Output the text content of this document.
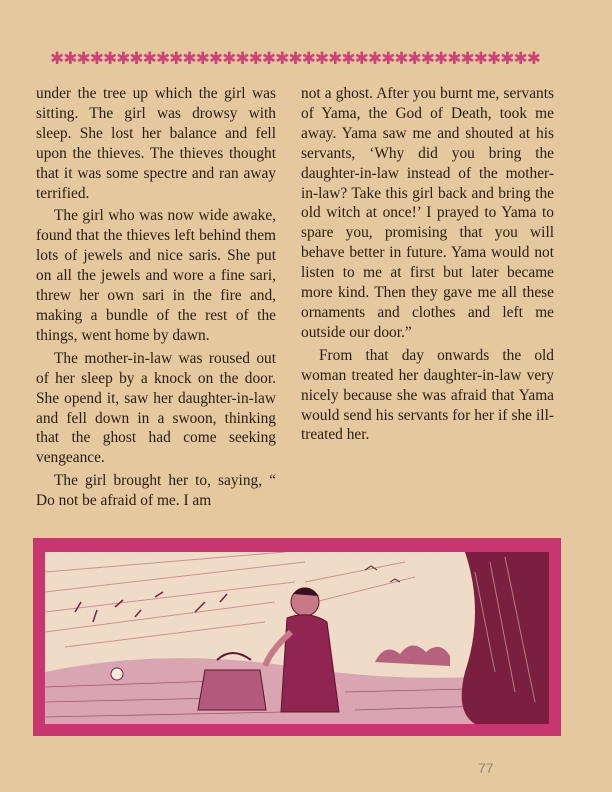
✱✱✱✱✱✱✱✱✱✱✱✱✱✱✱✱✱✱✱✱✱✱✱✱✱✱✱✱✱✱✱✱✱✱✱✱✱

under the tree up which the girl was sitting. The girl was drowsy with sleep. She lost her balance and fell upon the thieves. The thieves thought that it was some spectre and ran away terrified.

The girl who was now wide awake, found that the thieves left behind them lots of jewels and nice saris. She put on all the jewels and wore a fine sari, threw her own sari in the fire and, making a bundle of the rest of the things, went home by dawn.

The mother-in-law was roused out of her sleep by a knock on the door. She opend it, saw her daughter-in-law and fell down in a swoon, thinking that the ghost had come seeking vengeance.

The girl brought her to, saying, “ Do not be afraid of me. I am

not a ghost. After you burnt me, servants of Yama, the God of Death, took me away. Yama saw me and shouted at his servants, ‘Why did you bring the daughter-in-law instead of the mother-in-law? Take this girl back and bring the old witch at once!’ I prayed to Yama to spare you, promising that you will behave better in future. Yama would not listen to me at first but later became more kind. Then they gave me all these ornaments and clothes and left me outside our door.”

From that day onwards the old woman treated her daughter-in-law very nicely because she was afraid that Yama would send his servants for her if she ill-treated her.

77
